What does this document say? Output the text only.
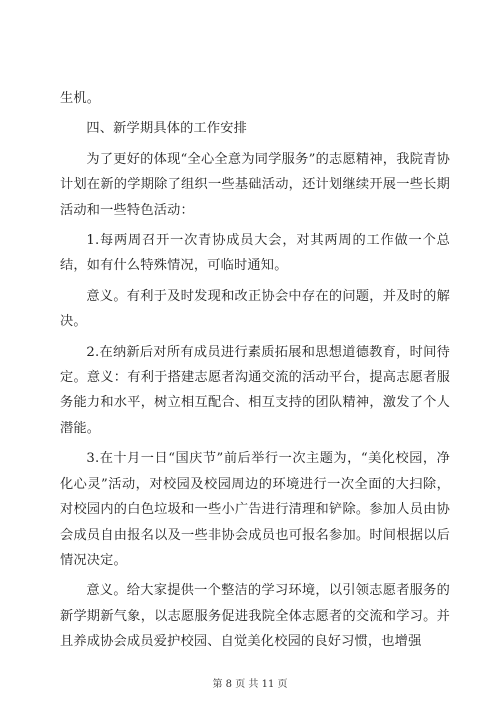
生机。

四、新学期具体的工作安排

为了更好的体现“全心全意为同学服务”的志愿精神，我院青协计划在新的学期除了组织一些基础活动，还计划继续开展一些长期活动和一些特色活动：

1.每两周召开一次青协成员大会，对其两周的工作做一个总结，如有什么特殊情况，可临时通知。

意义。有利于及时发现和改正协会中存在的问题，并及时的解决。

2.在纳新后对所有成员进行素质拓展和思想道德教育，时间待定。意义：有利于搭建志愿者沟通交流的活动平台，提高志愿者服务能力和水平，树立相互配合、相互支持的团队精神，激发了个人潜能。

3.在十月一日“国庆节”前后举行一次主题为，“美化校园，净化心灵”活动，对校园及校园周边的环境进行一次全面的大扫除，对校园内的白色垃圾和一些小广告进行清理和铲除。参加人员由协会成员自由报名以及一些非协会成员也可报名参加。时间根据以后情况决定。

意义。给大家提供一个整洁的学习环境，以引领志愿者服务的新学期新气象，以志愿服务促进我院全体志愿者的交流和学习。并且养成协会成员爱护校园、自觉美化校园的良好习惯，也增强

第 8 页 共 11 页
